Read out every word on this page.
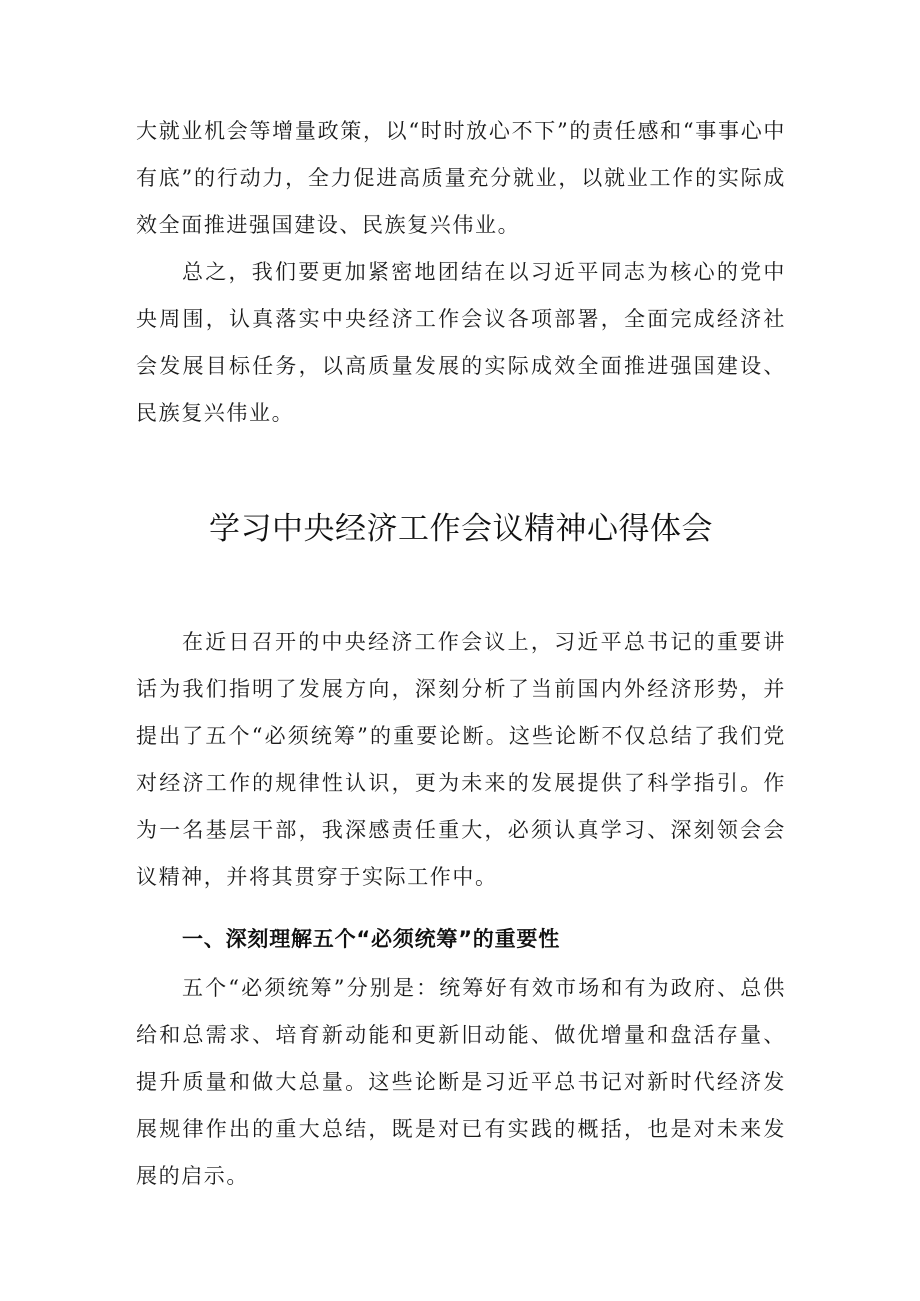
大就业机会等增量政策，以“时时放心不下”的责任感和“事事心中有底”的行动力，全力促进高质量充分就业，以就业工作的实际成效全面推进强国建设、民族复兴伟业。

总之，我们要更加紧密地团结在以习近平同志为核心的党中央周围，认真落实中央经济工作会议各项部署，全面完成经济社会发展目标任务，以高质量发展的实际成效全面推进强国建设、民族复兴伟业。

学习中央经济工作会议精神心得体会

在近日召开的中央经济工作会议上，习近平总书记的重要讲话为我们指明了发展方向，深刻分析了当前国内外经济形势，并提出了五个“必须统筹”的重要论断。这些论断不仅总结了我们党对经济工作的规律性认识，更为未来的发展提供了科学指引。作为一名基层干部，我深感责任重大，必须认真学习、深刻领会会议精神，并将其贯穿于实际工作中。

一、深刻理解五个“必须统筹”的重要性

五个“必须统筹”分别是：统筹好有效市场和有为政府、总供给和总需求、培育新动能和更新旧动能、做优增量和盘活存量、提升质量和做大总量。这些论断是习近平总书记对新时代经济发展规律作出的重大总结，既是对已有实践的概括，也是对未来发展的启示。
